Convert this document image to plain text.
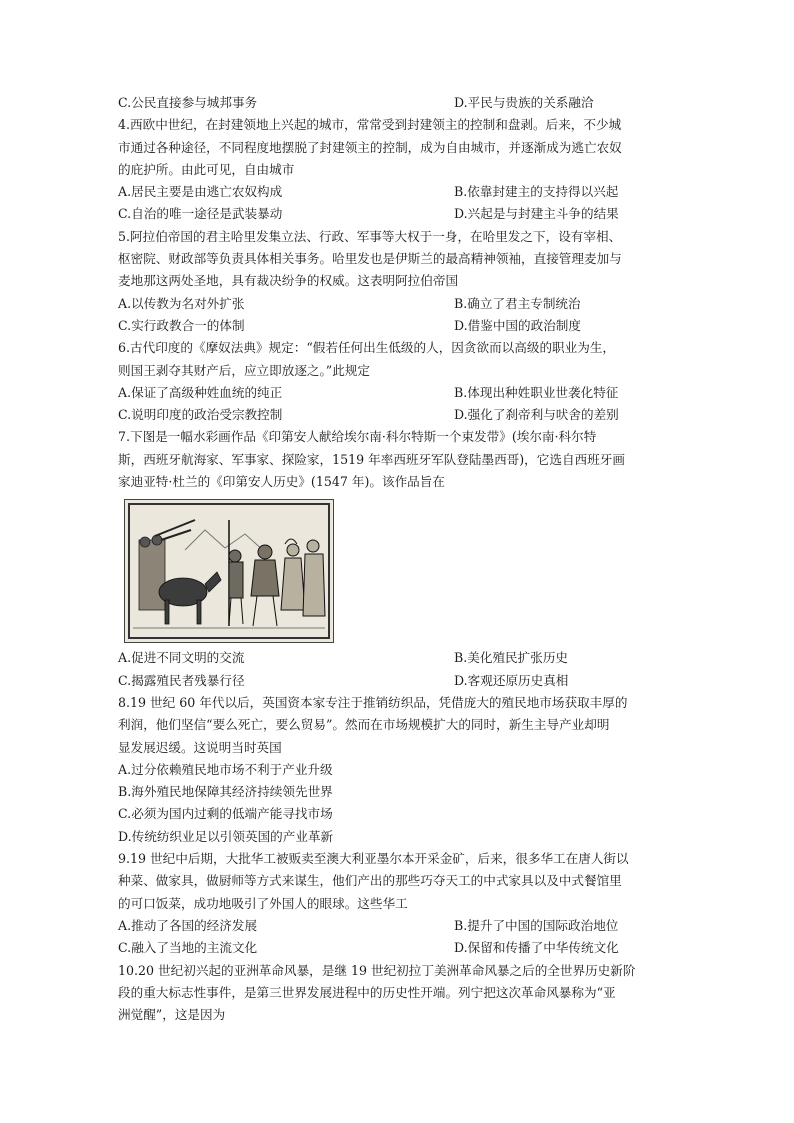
C.公民直接参与城邦事务	D.平民与贵族的关系融洽
4.西欧中世纪，在封建领地上兴起的城市，常常受到封建领主的控制和盘剥。后来，不少城
市通过各种途径，不同程度地摆脱了封建领主的控制，成为自由城市，并逐渐成为逃亡农奴
的庇护所。由此可见，自由城市
A.居民主要是由逃亡农奴构成	B.依靠封建主的支持得以兴起
C.自治的唯一途径是武装暴动	D.兴起是与封建主斗争的结果
5.阿拉伯帝国的君主哈里发集立法、行政、军事等大权于一身，在哈里发之下，设有宰相、
枢密院、财政部等负责具体相关事务。哈里发也是伊斯兰的最高精神领袖，直接管理麦加与
麦地那这两处圣地，具有裁决纷争的权威。这表明阿拉伯帝国
A.以传教为名对外扩张	B.确立了君主专制统治
C.实行政教合一的体制	D.借鉴中国的政治制度
6.古代印度的《摩奴法典》规定：“假若任何出生低级的人，因贪欲而以高级的职业为生，
则国王剥夺其财产后，应立即放逐之。”此规定
A.保证了高级种姓血统的纯正	B.体现出种姓职业世袭化特征
C.说明印度的政治受宗教控制	D.强化了刹帝利与吠舍的差别
7.下图是一幅水彩画作品《印第安人献给埃尔南·科尔特斯一个束发带》(埃尔南·科尔特
斯，西班牙航海家、军事家、探险家，1519 年率西班牙军队登陆墨西哥)，它选自西班牙画
家迪亚特·杜兰的《印第安人历史》(1547 年)。该作品旨在
A.促进不同文明的交流	B.美化殖民扩张历史
C.揭露殖民者残暴行径	D.客观还原历史真相
8.19 世纪 60 年代以后，英国资本家专注于推销纺织品，凭借庞大的殖民地市场获取丰厚的
利润，他们坚信“要么死亡，要么贸易”。然而在市场规模扩大的同时，新生主导产业却明
显发展迟缓。这说明当时英国
A.过分依赖殖民地市场不利于产业升级
B.海外殖民地保障其经济持续领先世界
C.必须为国内过剩的低端产能寻找市场
D.传统纺织业足以引领英国的产业革新
9.19 世纪中后期，大批华工被贩卖至澳大利亚墨尔本开采金矿，后来，很多华工在唐人街以
种菜、做家具，做厨师等方式来谋生，他们产出的那些巧夺天工的中式家具以及中式餐馆里
的可口饭菜，成功地吸引了外国人的眼球。这些华工
A.推动了各国的经济发展	B.提升了中国的国际政治地位
C.融入了当地的主流文化	D.保留和传播了中华传统文化
10.20 世纪初兴起的亚洲革命风暴，是继 19 世纪初拉丁美洲革命风暴之后的全世界历史新阶
段的重大标志性事件，是第三世界发展进程中的历史性开端。列宁把这次革命风暴称为“亚
洲觉醒”，这是因为
